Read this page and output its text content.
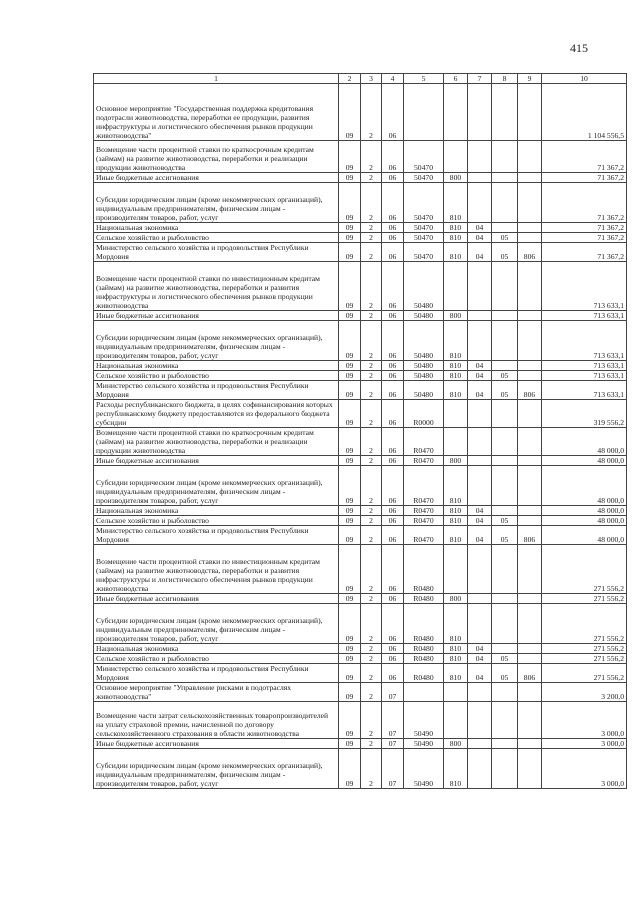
415
1	2	3	4	5	6	7	8	9	10
Основное мероприятие "Государственная поддержка кредитования подотрасли животноводства, переработки ее продукции, развития инфраструктуры и логистического обеспечения рынков продукции животноводства"	09	2	06						1 104 556,5
Возмещение части процентной ставки по краткосрочным кредитам (займам) на развитие животноводства, переработки и реализации продукции животноводства	09	2	06	50470					71 367,2
Иные бюджетные ассигнования	09	2	06	50470	800				71 367,2
Субсидии юридическим лицам (кроме некоммерческих организаций), индивидуальным предпринимателям, физическим лицам - производителям товаров, работ, услуг	09	2	06	50470	810				71 367,2
Национальная экономика	09	2	06	50470	810	04			71 367,2
Сельское хозяйство и рыболовство	09	2	06	50470	810	04	05		71 367,2
Министерство сельского хозяйства и продовольствия Республики Мордовия	09	2	06	50470	810	04	05	806	71 367,2
Возмещение части процентной ставки по инвестиционным кредитам (займам) на развитие животноводства, переработки и развития инфраструктуры и логистического обеспечения рынков продукции животноводства	09	2	06	50480					713 633,1
Иные бюджетные ассигнования	09	2	06	50480	800				713 633,1
Субсидии юридическим лицам (кроме некоммерческих организаций), индивидуальным предпринимателям, физическим лицам - производителям товаров, работ, услуг	09	2	06	50480	810				713 633,1
Национальная экономика	09	2	06	50480	810	04			713 633,1
Сельское хозяйство и рыболовство	09	2	06	50480	810	04	05		713 633,1
Министерство сельского хозяйства и продовольствия Республики Мордовия	09	2	06	50480	810	04	05	806	713 633,1
Расходы республиканского бюджета, в целях софинансирования которых республиканскому бюджету предоставляются из федерального бюджета субсидии	09	2	06	R0000					319 556,2
Возмещение части процентной ставки по краткосрочным кредитам (займам) на развитие животноводства, переработки и реализации продукции животноводства	09	2	06	R0470					48 000,0
Иные бюджетные ассигнования	09	2	06	R0470	800				48 000,0
Субсидии юридическим лицам (кроме некоммерческих организаций), индивидуальным предпринимателям, физическим лицам - производителям товаров, работ, услуг	09	2	06	R0470	810				48 000,0
Национальная экономика	09	2	06	R0470	810	04			48 000,0
Сельское хозяйство и рыболовство	09	2	06	R0470	810	04	05		48 000,0
Министерство сельского хозяйства и продовольствия Республики Мордовия	09	2	06	R0470	810	04	05	806	48 000,0
Возмещение части процентной ставки по инвестиционным кредитам (займам) на развитие животноводства, переработки и развития инфраструктуры и логистического обеспечения рынков продукции животноводства	09	2	06	R0480					271 556,2
Иные бюджетные ассигнования	09	2	06	R0480	800				271 556,2
Субсидии юридическим лицам (кроме некоммерческих организаций), индивидуальным предпринимателям, физическим лицам - производителям товаров, работ, услуг	09	2	06	R0480	810				271 556,2
Национальная экономика	09	2	06	R0480	810	04			271 556,2
Сельское хозяйство и рыболовство	09	2	06	R0480	810	04	05		271 556,2
Министерство сельского хозяйства и продовольствия Республики Мордовия	09	2	06	R0480	810	04	05	806	271 556,2
Основное мероприятие "Управление рисками в подотраслях животноводства"	09	2	07						3 200,0
Возмещение части затрат сельскохозяйственных товаропроизводителей на уплату страховой премии, начисленной по договору сельскохозяйственного страхования в области животноводства	09	2	07	50490					3 000,0
Иные бюджетные ассигнования	09	2	07	50490	800				3 000,0
Субсидии юридическим лицам (кроме некоммерческих организаций), индивидуальным предпринимателям, физическим лицам - производителям товаров, работ, услуг	09	2	07	50490	810				3 000,0
